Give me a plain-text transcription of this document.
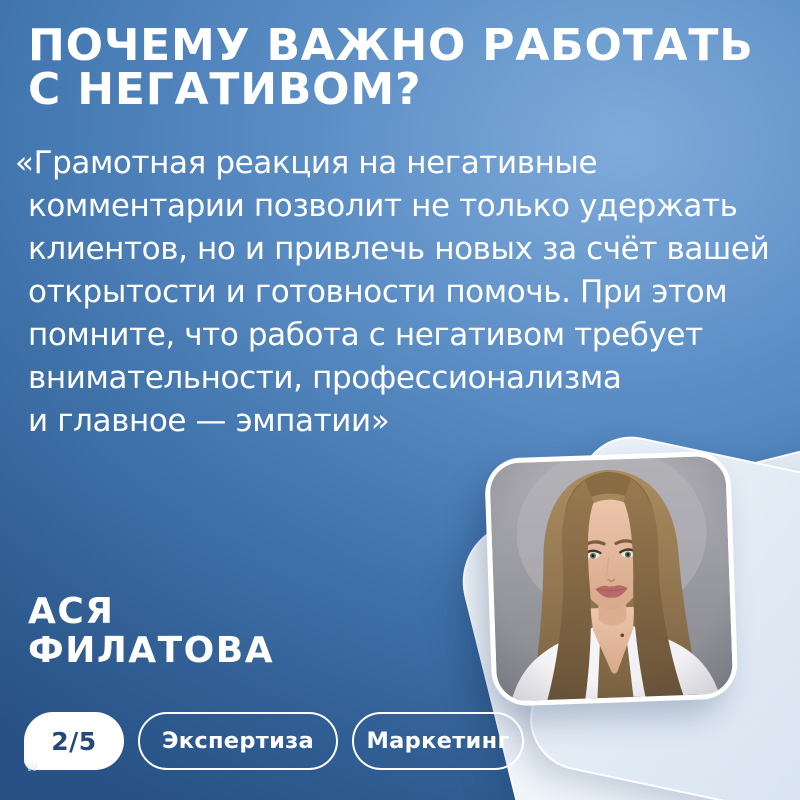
ПОЧЕМУ ВАЖНО РАБОТАТЬ
С НЕГАТИВОМ?
«Грамотная реакция на негативные
комментарии позволит не только удержать
клиентов, но и привлечь новых за счёт вашей
открытости и готовности помочь. При этом
помните, что работа с негативом требует
внимательности, профессионализма
и главное — эмпатии»
АСЯ
ФИЛАТОВА
2/5	Экспертиза	Маркетинг
w
